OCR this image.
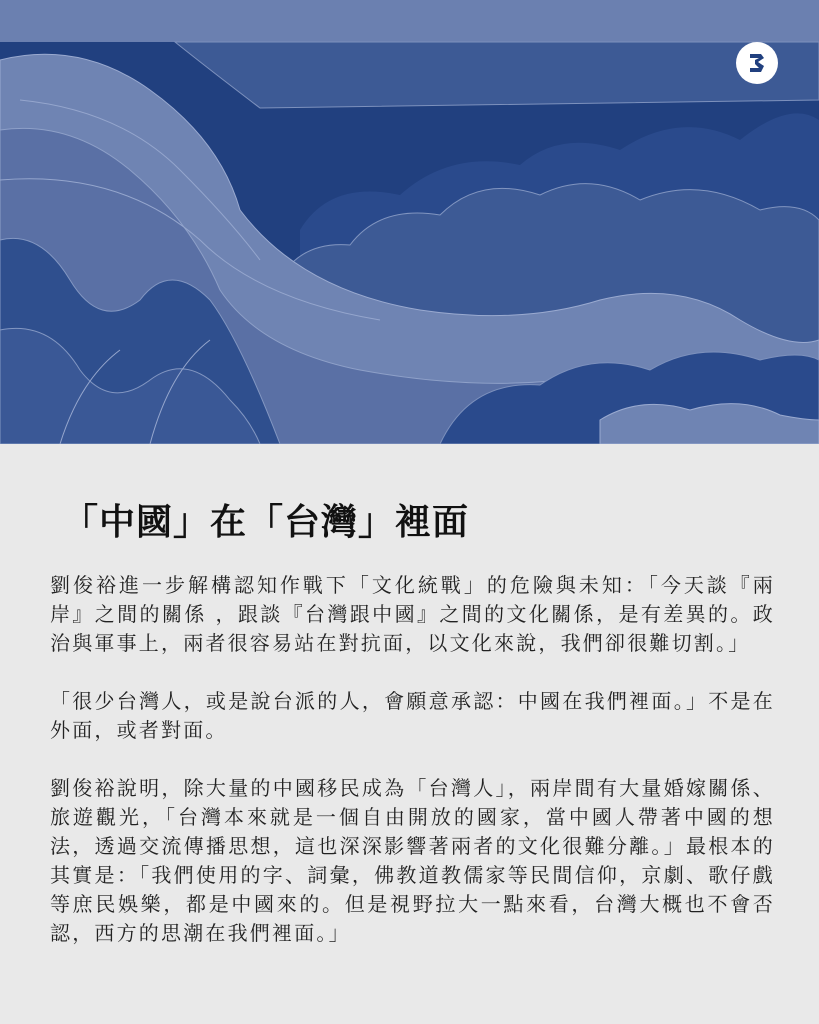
「中國」在「台灣」裡面

劉俊裕進一步解構認知作戰下「文化統戰」的危險與未知：「今天談『兩岸』之間的關係 ，跟談『台灣跟中國』之間的文化關係，是有差異的。政治與軍事上，兩者很容易站在對抗面，以文化來說，我們卻很難切割。」

「很少台灣人，或是說台派的人，會願意承認：中國在我們裡面。」不是在外面，或者對面。

劉俊裕說明，除大量的中國移民成為「台灣人」，兩岸間有大量婚嫁關係、旅遊觀光，「台灣本來就是一個自由開放的國家，當中國人帶著中國的想法，透過交流傳播思想，這也深深影響著兩者的文化很難分離。」最根本的其實是：「我們使用的字、詞彙，佛教道教儒家等民間信仰，京劇、歌仔戲等庶民娛樂，都是中國來的。但是視野拉大一點來看，台灣大概也不會否認，西方的思潮在我們裡面。」
